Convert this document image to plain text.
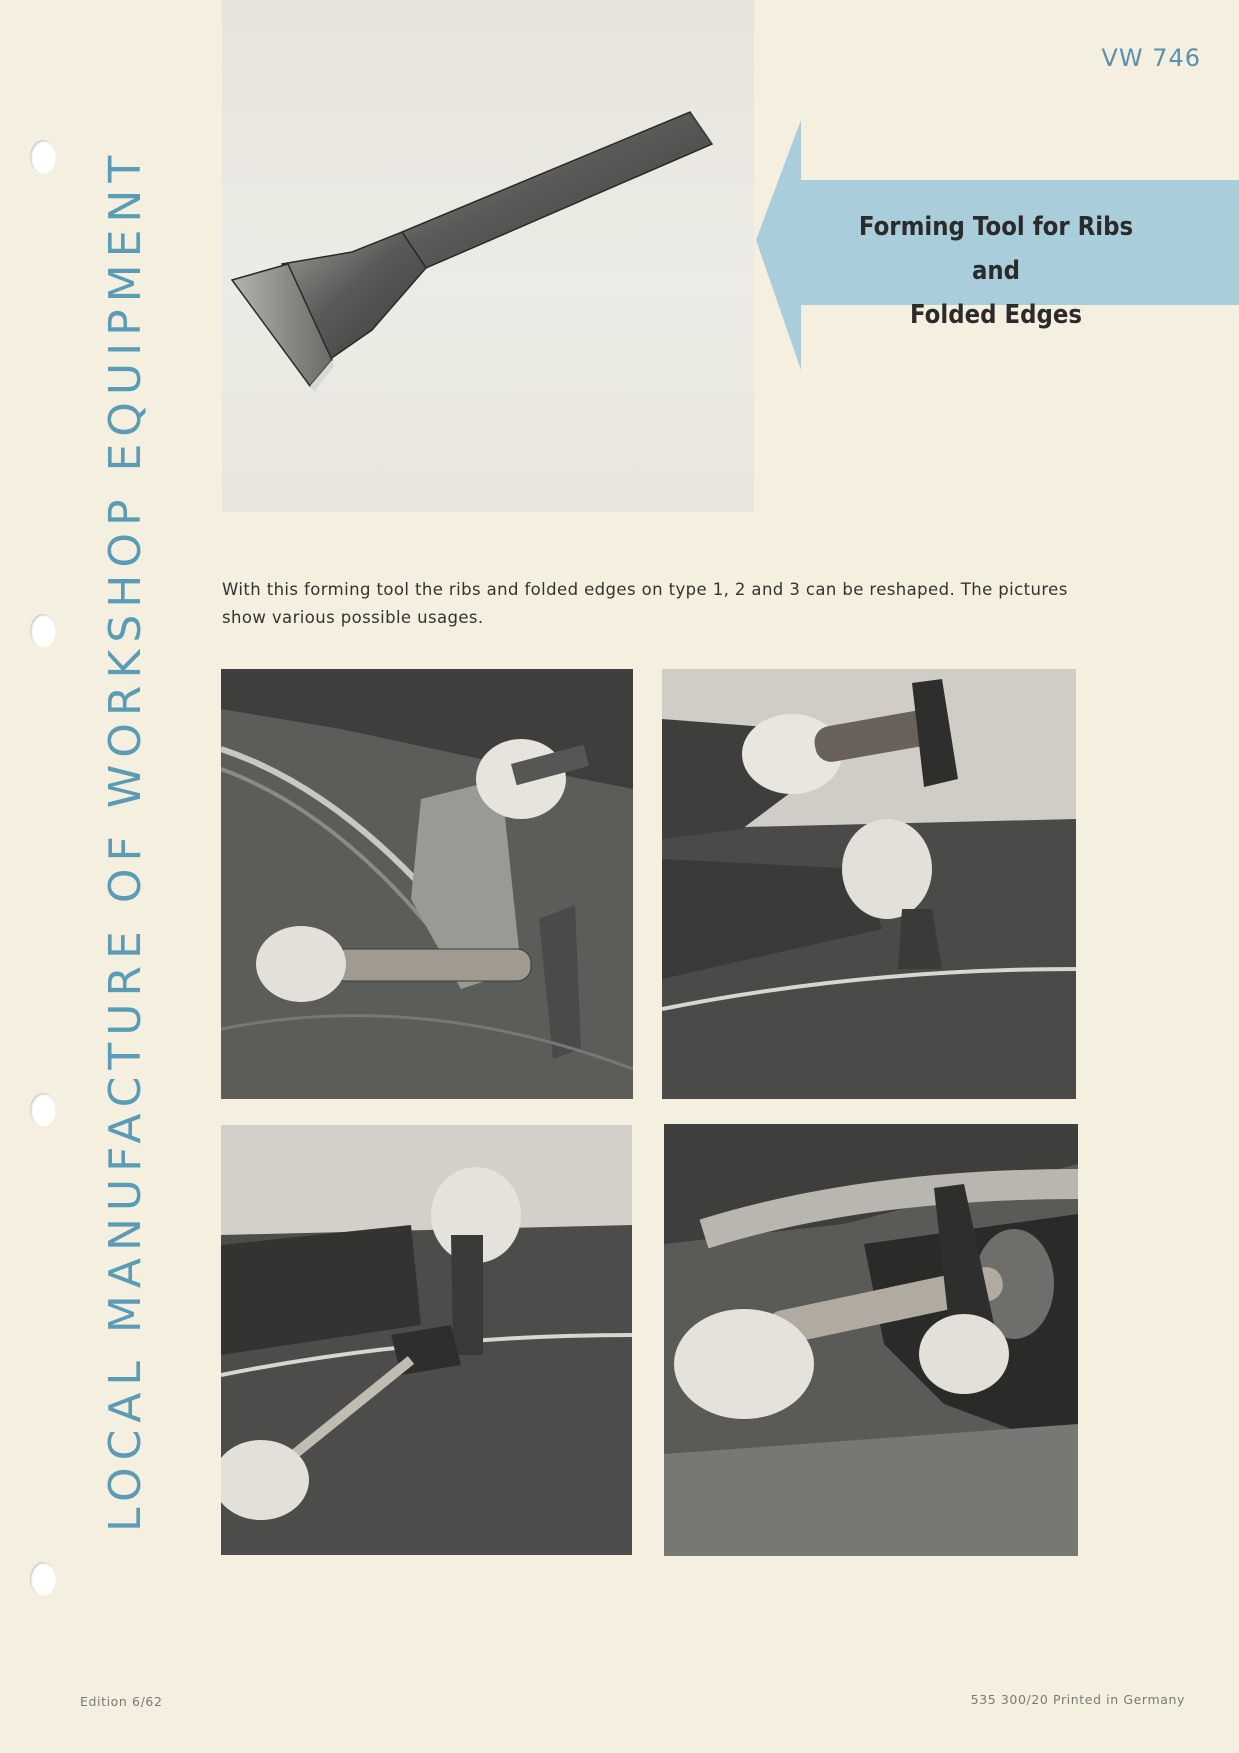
VW 746
LOCAL MANUFACTURE OF WORKSHOP EQUIPMENT	Forming Tool for Ribs and
Folded Edges
With this forming tool the ribs and folded edges on type 1, 2 and 3 can be reshaped. The pictures show various possible usages.
Edition 6/62	535 300/20 Printed in Germany
